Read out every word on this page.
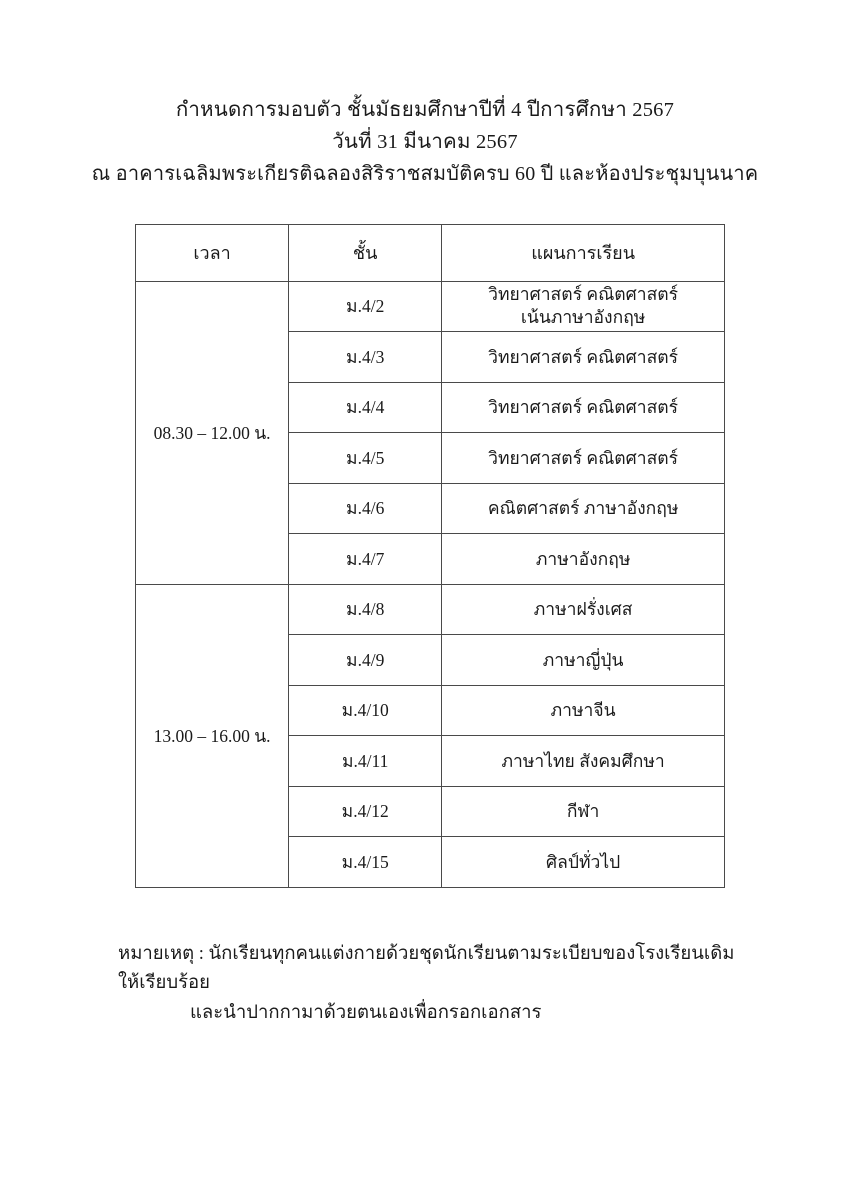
กำหนดการมอบตัว ชั้นมัธยมศึกษาปีที่ 4 ปีการศึกษา 2567
วันที่ 31 มีนาคม 2567
ณ อาคารเฉลิมพระเกียรติฉลองสิริราชสมบัติครบ 60 ปี และห้องประชุมบุนนาค
เวลา	ชั้น	แผนการเรียน
08.30 – 12.00 น.	ม.4/2	วิทยาศาสตร์ คณิตศาสตร์
เน้นภาษาอังกฤษ

	ม.4/3	วิทยาศาสตร์ คณิตศาสตร์
	ม.4/4	วิทยาศาสตร์ คณิตศาสตร์
	ม.4/5	วิทยาศาสตร์ คณิตศาสตร์
	ม.4/6	คณิตศาสตร์ ภาษาอังกฤษ
	ม.4/7	ภาษาอังกฤษ
13.00 – 16.00 น.	ม.4/8	ภาษาฝรั่งเศส
	ม.4/9	ภาษาญี่ปุ่น
	ม.4/10	ภาษาจีน
	ม.4/11	ภาษาไทย สังคมศึกษา
	ม.4/12	กีฬา
	ม.4/15	ศิลป์ทั่วไป
หมายเหตุ : นักเรียนทุกคนแต่งกายด้วยชุดนักเรียนตามระเบียบของโรงเรียนเดิมให้เรียบร้อย
และนำปากกามาด้วยตนเองเพื่อกรอกเอกสาร
